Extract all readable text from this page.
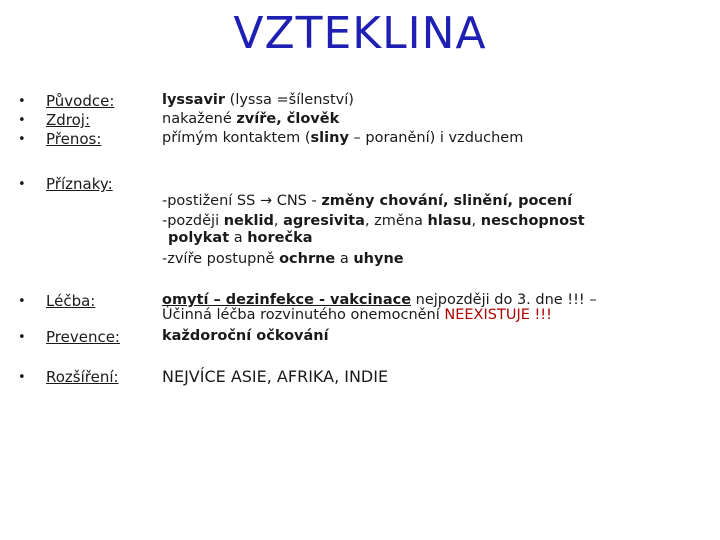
VZTEKLINA
• Původce:	lyssavir (lyssa =šílenství)
• Zdroj:	nakažené zvíře, člověk
• Přenos:	přímým kontaktem (sliny – poranění) i vzduchem
• Příznaky:
-postižení SS → CNS - změny chování, slinění, pocení
-později neklid, agresivita, změna hlasu, neschopnost
polykat a horečka
-zvíře postupně ochrne a uhyne
• Léčba:	omytí – dezinfekce - vakcinace nejpozději do 3. dne !!! –
Účinná léčba rozvinutého onemocnění NEEXISTUJE !!!
• Prevence:	každoroční očkování
• Rozšíření:	NEJVÍCE ASIE, AFRIKA, INDIE
